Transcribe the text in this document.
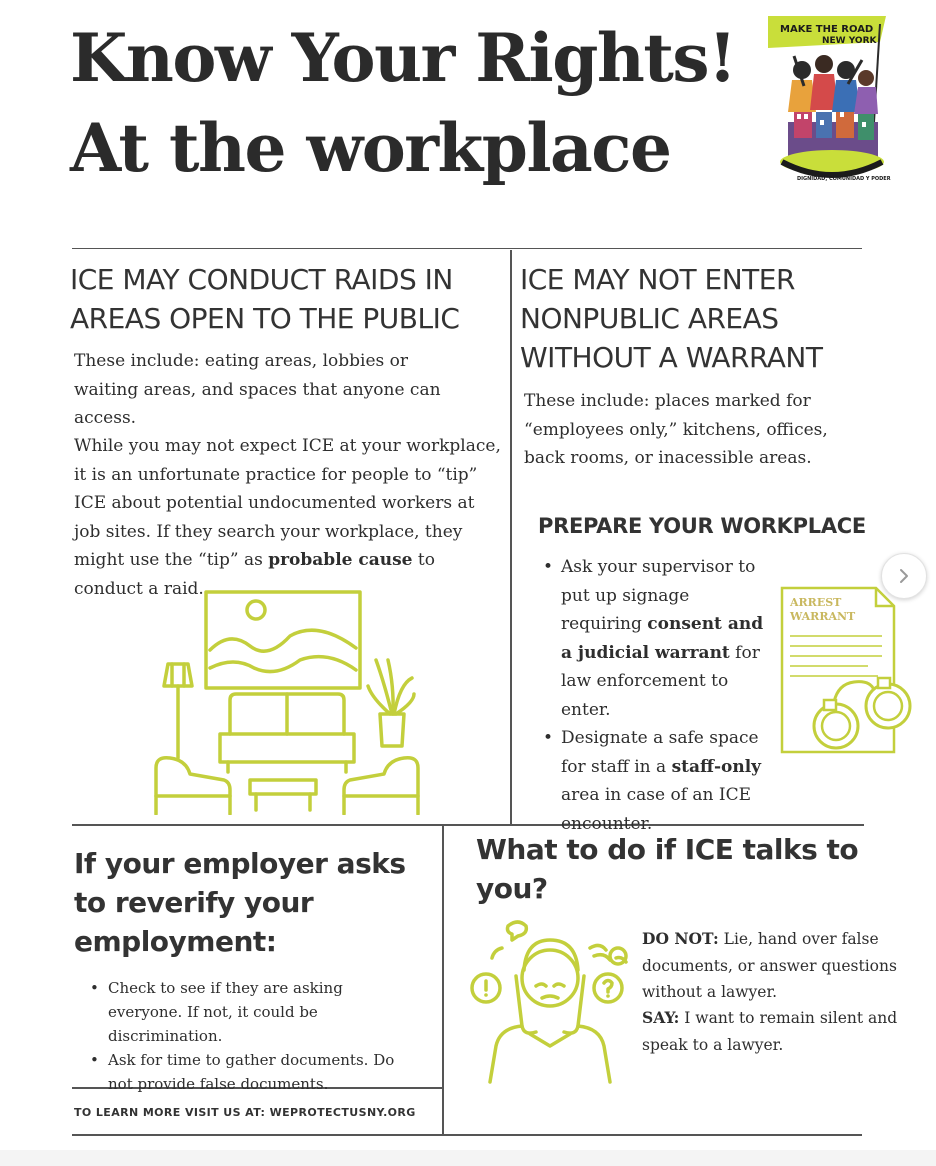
Know Your Rights!
At the workplace
MAKE THE ROAD
NEW YORK
DIGNIDAD, COMUNIDAD Y PODER
ICE MAY CONDUCT RAIDS IN
AREAS OPEN TO THE PUBLIC
These include: eating areas, lobbies or waiting areas, and spaces that anyone can access.
While you may not expect ICE at your workplace, it is an unfortunate practice for people to “tip” ICE about potential undocumented workers at job sites. If they search your workplace, they might use the “tip” as probable cause to conduct a raid.
ICE MAY NOT ENTER
NONPUBLIC AREAS
WITHOUT A WARRANT
These include: places marked for “employees only,” kitchens, offices, back rooms, or inacessible areas.
PREPARE YOUR WORKPLACE
• Ask your supervisor to put up signage requiring consent and a judicial warrant for law enforcement to enter.
• Designate a safe space for staff in a staff-only area in case of an ICE encounter.
ARREST
WARRANT
If your employer asks
to reverify your
employment:
• Check to see if they are asking everyone. If not, it could be discrimination.
• Ask for time to gather documents. Do not provide false documents.
TO LEARN MORE VISIT US AT: WEPROTECTUSNY.ORG
What to do if ICE talks to
you?
DO NOT: Lie, hand over false documents, or answer questions without a lawyer.
SAY: I want to remain silent and speak to a lawyer.
